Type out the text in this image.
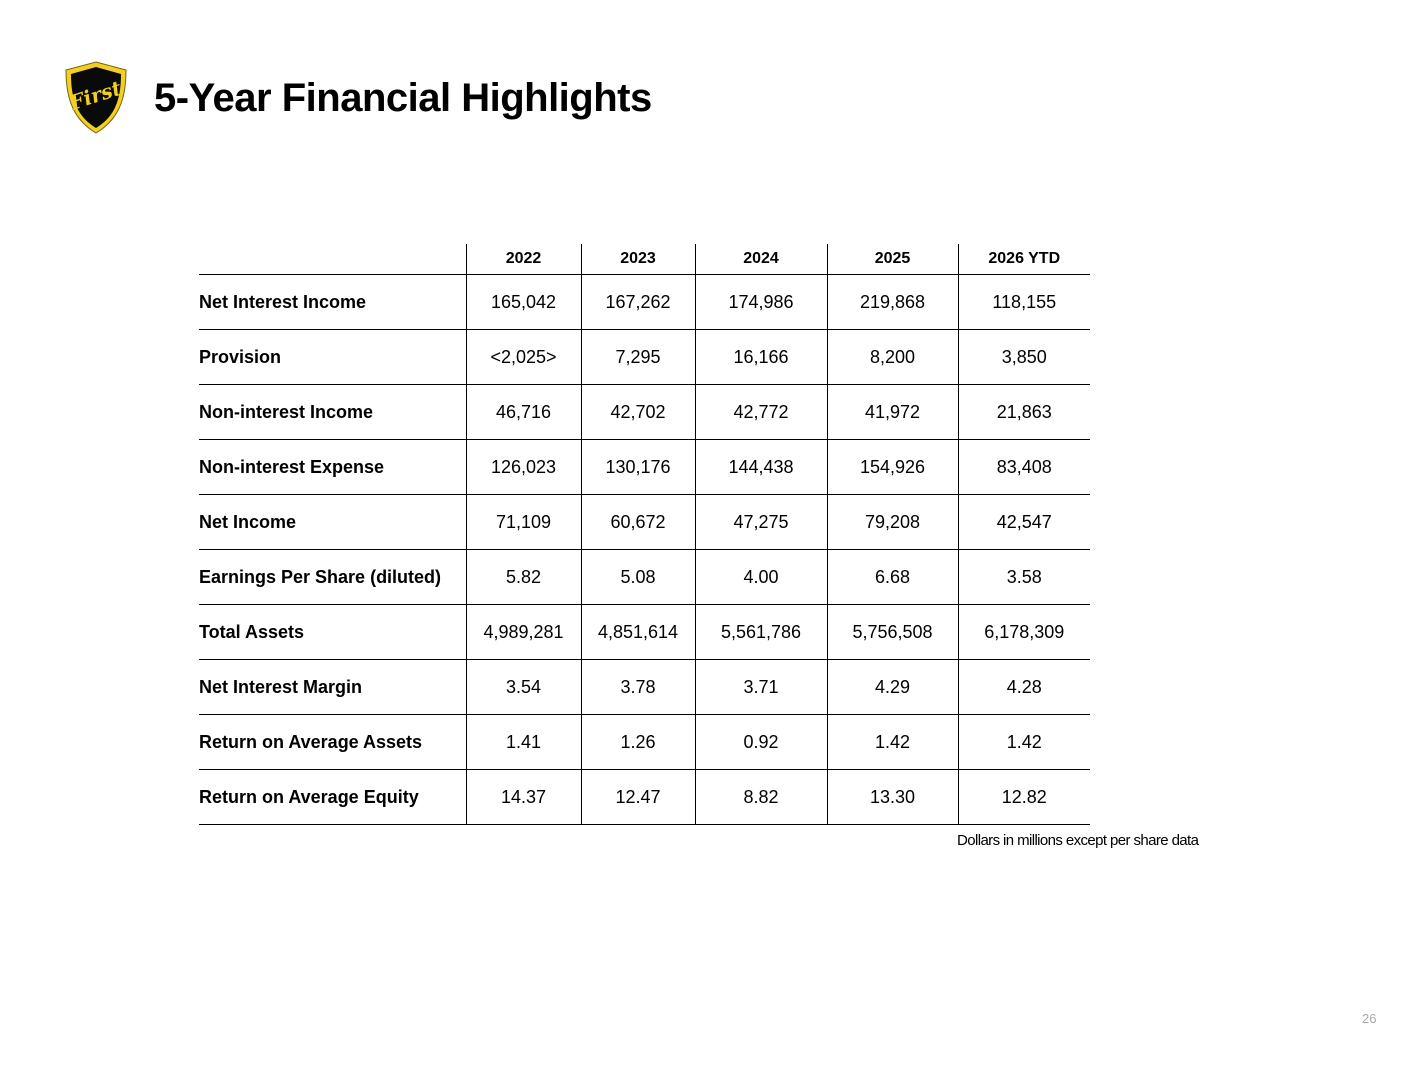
First 5-Year Financial Highlights
	2022	2023	2024	2025	2026 YTD
Net Interest Income	165,042	167,262	174,986	219,868	118,155
Provision	<2,025>	7,295	16,166	8,200	3,850
Non-interest Income	46,716	42,702	42,772	41,972	21,863
Non-interest Expense	126,023	130,176	144,438	154,926	83,408
Net Income	71,109	60,672	47,275	79,208	42,547
Earnings Per Share (diluted)	5.82	5.08	4.00	6.68	3.58
Total Assets	4,989,281	4,851,614	5,561,786	5,756,508	6,178,309
Net Interest Margin	3.54	3.78	3.71	4.29	4.28
Return on Average Assets	1.41	1.26	0.92	1.42	1.42
Return on Average Equity	14.37	12.47	8.82	13.30	12.82
Dollars in millions except per share data
26
